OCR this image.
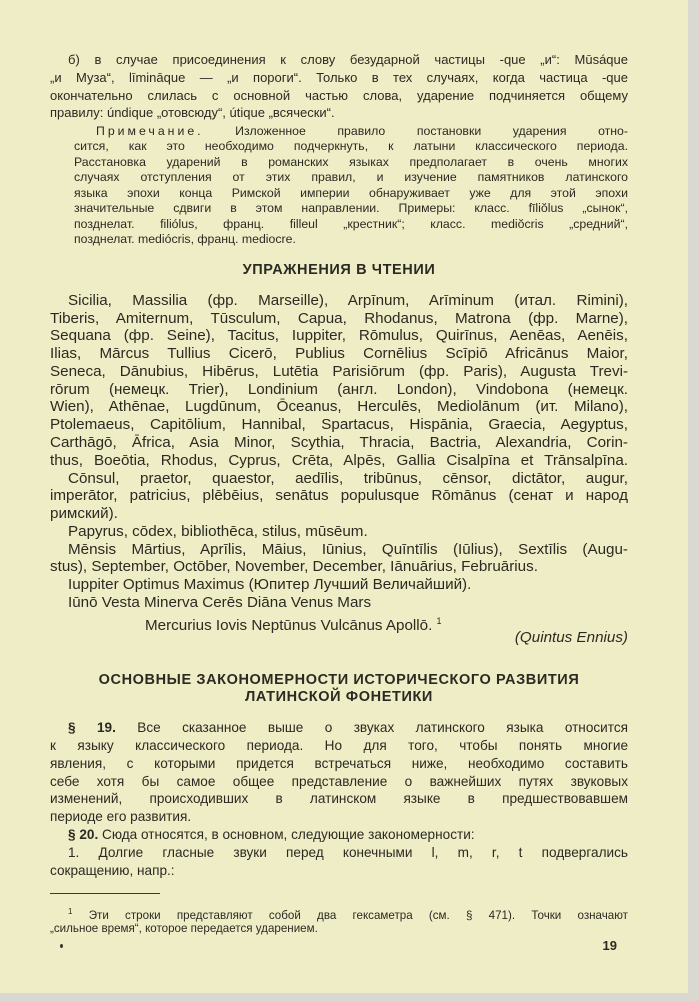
б) в случае присоединения к слову безударной частицы -que „и“: Mūsáque
„и Муза“, līmināque — „и пороги“. Только в тех случаях, когда частица -que
окончательно слилась с основной частью слова, ударение подчиняется общему
правилу: úndique „отовсюду“, útique „всячески“.
Примечание.	Изложенное правило постановки ударения отно-
сится, как это необходимо подчеркнуть, к латыни классического периода.
Расстановка ударений в романских языках предполагает в очень многих
случаях отступления от этих правил, и изучение памятников латинского
языка эпохи конца Римской империи обнаруживает уже для этой эпохи
значительные сдвиги в этом направлении. Примеры: класс. fīliŏlus „сынок“,
позднелат. filiólus, франц. filleul „крестник“; класс. mediŏcris „средний“,
позднелат. mediócris, франц. mediocre.
УПРАЖНЕНИЯ В ЧТЕНИИ
Sicilia, Massilia (фр. Marseille), Arpīnum, Arīminum (итал. Rimini),
Tiberis, Amiternum, Tūsculum, Capua, Rhodanus, Matrona (фр. Marne),
Sequana (фр. Seine), Tacitus, Iuppiter, Rōmulus, Quirīnus, Aenēas, Aenēis,
Ilias, Mārcus Tullius Cicerō, Publius Cornēlius Scīpiō Africānus Maior,
Seneca, Dānubius, Hibērus, Lutētia Parisiōrum (фр. Paris), Augusta Trevi-
rōrum (немецк. Trier), Londinium (англ. London), Vindobona (немецк.
Wien), Athēnae, Lugdūnum, Ōceanus, Herculēs, Mediolānum (ит. Milano),
Ptolemaeus, Capitōlium, Hannibal, Spartacus, Hispānia, Graecia, Aegyptus,
Carthāgō, Āfrica, Asia Minor, Scythia, Thracia, Bactria, Alexandria, Corin-
thus, Boeōtia, Rhodus, Cyprus, Crēta, Alpēs, Gallia Cisalpīna et Trānsalpīna.
Cōnsul, praetor, quaestor, aedīlis, tribūnus, cēnsor, dictātor, augur,
imperātor, patricius, plēbēius, senātus populusque Rōmānus (сенат и народ
римский).
Papyrus, cōdex, bibliothēca, stilus, mūsēum.
Mēnsis Mārtius, Aprīlis, Māius, Iūnius, Quīntīlis (Iūlius), Sextīlis (Augu-
stus), September, Octōber, November, December, Iānuārius, Februārius.
Iuppiter Optimus Maximus (Юпитер Лучший Величайший).
Iūnō Vesta Minerva Cerēs Diāna Venus Mars
Mercurius Iovis Neptūnus Vulcānus Apollō. $^1$
(Quintus Ennius)
ОСНОВНЫЕ ЗАКОНОМЕРНОСТИ ИСТОРИЧЕСКОГО РАЗВИТИЯ
ЛАТИНСКОЙ ФОНЕТИКИ
§ 19. Все сказанное выше о звуках латинского языка относится
к языку классического периода. Но для того, чтобы понять многие
явления, с которыми придется встречаться ниже, необходимо составить
себе хотя бы самое общее представление о важнейших путях звуковых
изменений, происходивших в латинском языке в предшествовавшем
периоде его развития.
§ 20. Сюда относятся, в основном, следующие закономерности:
1. Долгие гласные звуки перед конечными l, m, r, t подвергались
сокращению, напр.:
$^1$ Эти строки представляют собой два гексаметра (см. § 471). Точки означают
„сильное время“, которое передается ударением.
19
